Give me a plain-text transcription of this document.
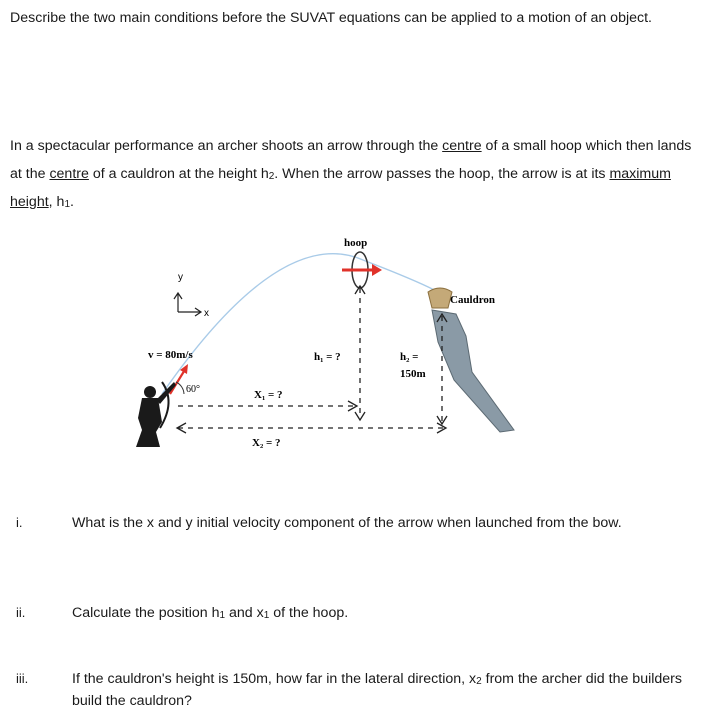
Describe the two main conditions before the SUVAT equations can be applied to a motion of an object.
In a spectacular performance an archer shoots an arrow through the centre of a small hoop which then lands at the centre of a cauldron at the height $h_2$. When the arrow passes the hoop, the arrow is at its maximum height, $h_1$.
y
x
v = 80m/s
60°
hoop
h₁ = ?
X₁ = ?
X₂ = ?
Cauldron
h₂ =
150m
i.	What is the x and y initial velocity component of the arrow when launched from the bow.
ii.	Calculate the position $h_1$ and $x_1$ of the hoop.
iii.	If the cauldron's height is 150m, how far in the lateral direction, $x_2$ from the archer did the builders build the cauldron?
